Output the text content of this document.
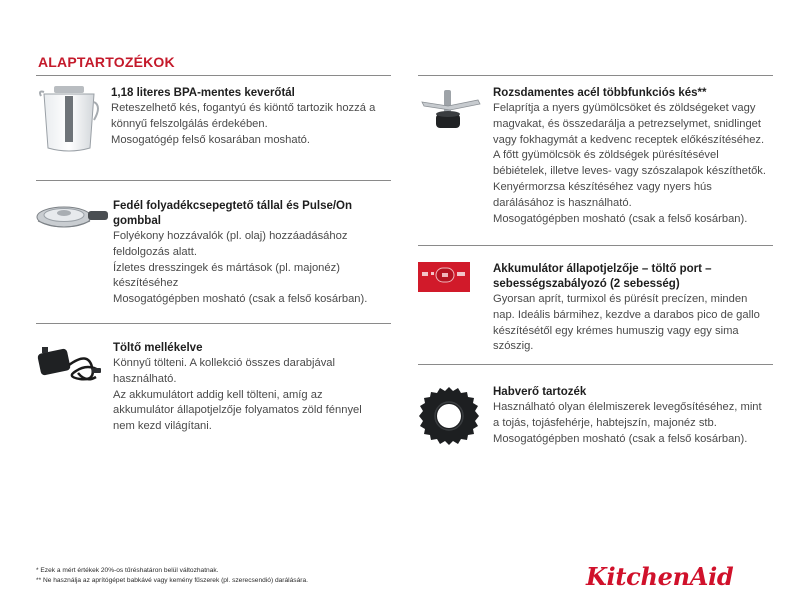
ALAPTARTOZÉKOK
1,18 literes BPA-mentes keverőtál

Reteszelhető kés, fogantyú és kiöntő tartozik hozzá a

könnyű felszolgálás érdekében.

Mosogatógép felső kosarában mosható.

Fedél folyadékcsepegtető tállal és Pulse/On
gombbal

Folyékony hozzávalók (pl. olaj) hozzáadásához

feldolgozás alatt.

Ízletes dresszingek és mártások (pl. majonéz)

készítéséhez

Mosogatógépben mosható (csak a felső kosárban).

Töltő mellékelve

Könnyű tölteni. A kollekció összes darabjával

használható.

Az akkumulátort addig kell tölteni, amíg az

akkumulátor állapotjelzője folyamatos zöld fénnyel

nem kezd világítani.

Rozsdamentes acél többfunkciós kés**

Felaprítja a nyers gyümölcsöket és zöldségeket vagy

magvakat, és összedarálja a petrezselymet, snidlinget

vagy fokhagymát a kedvenc receptek előkészítéséhez.

A főtt gyümölcsök és zöldségek pürésítésével

bébiételek, illetve leves- vagy szószalapok készíthetők.

Kenyérmorzsa készítéséhez vagy nyers hús

darálásához is használható.

Mosogatógépben mosható (csak a felső kosárban).

Akkumulátor állapotjelzője – töltő port –
sebességszabályozó (2 sebesség)

Gyorsan aprít, turmixol és pürésít precízen, minden

nap. Ideális bármihez, kezdve a darabos pico de gallo

készítésétől egy krémes humuszig vagy egy sima

szószig.

Habverő tartozék

Használható olyan élelmiszerek levegősítéséhez, mint

a tojás, tojásfehérje, habtejszín, majonéz stb.

Mosogatógépben mosható (csak a felső kosárban).

* Ezek a mért értékek 20%-os tűréshatáron belül változhatnak.
** Ne használja az aprítógépet babkávé vagy kemény fűszerek (pl. szerecsendió) darálására.	KitchenAid
